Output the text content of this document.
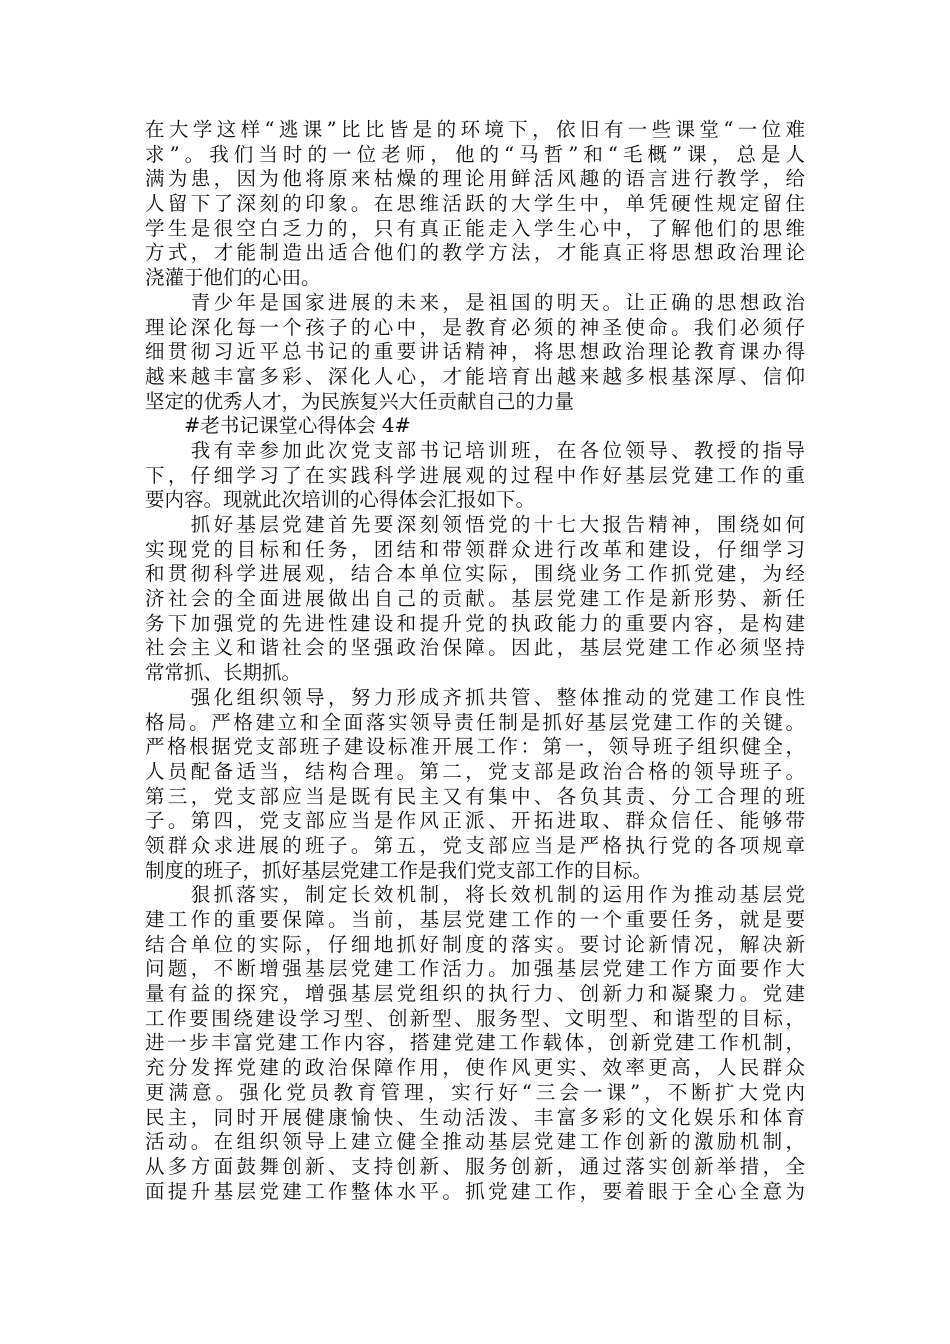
在大学这样“逃课”比比皆是的环境下，依旧有一些课堂“一位难
求”。我们当时的一位老师，他的“马哲”和“毛概”课，总是人
满为患，因为他将原来枯燥的理论用鲜活风趣的语言进行教学，给
人留下了深刻的印象。在思维活跃的大学生中，单凭硬性规定留住
学生是很空白乏力的，只有真正能走入学生心中，了解他们的思维
方式，才能制造出适合他们的教学方法，才能真正将思想政治理论
浇灌于他们的心田。
　　青少年是国家进展的未来，是祖国的明天。让正确的思想政治
理论深化每一个孩子的心中，是教育必须的神圣使命。我们必须仔
细贯彻习近平总书记的重要讲话精神，将思想政治理论教育课办得
越来越丰富多彩、深化人心，才能培育出越来越多根基深厚、信仰
坚定的优秀人才，为民族复兴大任贡献自己的力量
　　#老书记课堂心得体会 4#
　　我有幸参加此次党支部书记培训班，在各位领导、教授的指导
下，仔细学习了在实践科学进展观的过程中作好基层党建工作的重
要内容。现就此次培训的心得体会汇报如下。
　　抓好基层党建首先要深刻领悟党的十七大报告精神，围绕如何
实现党的目标和任务，团结和带领群众进行改革和建设，仔细学习
和贯彻科学进展观，结合本单位实际，围绕业务工作抓党建，为经
济社会的全面进展做出自己的贡献。基层党建工作是新形势、新任
务下加强党的先进性建设和提升党的执政能力的重要内容，是构建
社会主义和谐社会的坚强政治保障。因此，基层党建工作必须坚持
常常抓、长期抓。
　　强化组织领导，努力形成齐抓共管、整体推动的党建工作良性
格局。严格建立和全面落实领导责任制是抓好基层党建工作的关键。
严格根据党支部班子建设标准开展工作：第一，领导班子组织健全，
人员配备适当，结构合理。第二，党支部是政治合格的领导班子。
第三，党支部应当是既有民主又有集中、各负其责、分工合理的班
子。第四，党支部应当是作风正派、开拓进取、群众信任、能够带
领群众求进展的班子。第五，党支部应当是严格执行党的各项规章
制度的班子，抓好基层党建工作是我们党支部工作的目标。
　　狠抓落实，制定长效机制，将长效机制的运用作为推动基层党
建工作的重要保障。当前，基层党建工作的一个重要任务，就是要
结合单位的实际，仔细地抓好制度的落实。要讨论新情况，解决新
问题，不断增强基层党建工作活力。加强基层党建工作方面要作大
量有益的探究，增强基层党组织的执行力、创新力和凝聚力。党建
工作要围绕建设学习型、创新型、服务型、文明型、和谐型的目标，
进一步丰富党建工作内容，搭建党建工作载体，创新党建工作机制，
充分发挥党建的政治保障作用，使作风更实、效率更高，人民群众
更满意。强化党员教育管理，实行好“三会一课”，不断扩大党内
民主，同时开展健康愉快、生动活泼、丰富多彩的文化娱乐和体育
活动。在组织领导上建立健全推动基层党建工作创新的激励机制，
从多方面鼓舞创新、支持创新、服务创新，通过落实创新举措，全
面提升基层党建工作整体水平。抓党建工作，要着眼于全心全意为
